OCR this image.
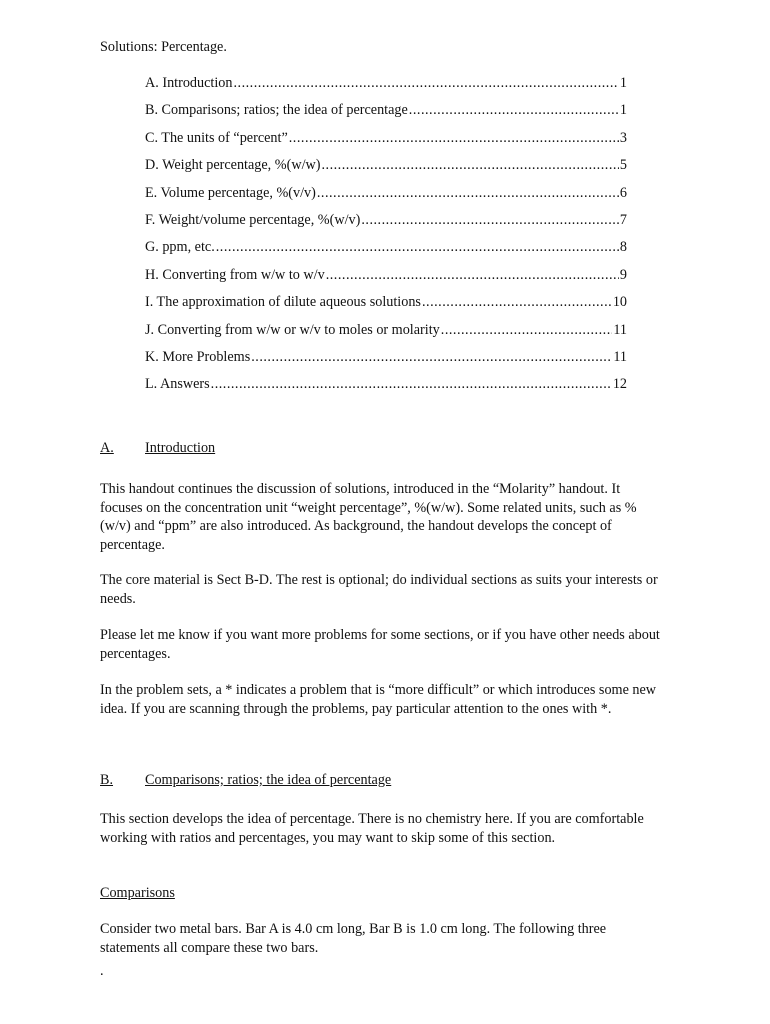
Solutions: Percentage.
A. Introduction .....	1
B. Comparisons; ratios; the idea of percentage .....	1
C. The units of “percent” .....	3
D. Weight percentage, %(w/w) .....	5
E. Volume percentage, %(v/v) .....	6
F. Weight/volume percentage, %(w/v) .....	7
G. ppm, etc. .....	8
H. Converting from w/w to w/v .....	9
I. The approximation of dilute aqueous solutions .....	10
J. Converting from w/w or w/v to moles or molarity .....	11
K. More Problems .....	11
L. Answers .....	12
A. Introduction

This handout continues the discussion of solutions, introduced in the “Molarity” handout. It focuses on the concentration unit “weight percentage”, %(w/w). Some related units, such as %(w/v) and “ppm” are also introduced. As background, the handout develops the concept of percentage.

The core material is Sect B-D. The rest is optional; do individual sections as suits your interests or needs.

Please let me know if you want more problems for some sections, or if you have other needs about percentages.

In the problem sets, a * indicates a problem that is “more difficult” or which introduces some new idea. If you are scanning through the problems, pay particular attention to the ones with *.

B. Comparisons; ratios; the idea of percentage

This section develops the idea of percentage. There is no chemistry here. If you are comfortable working with ratios and percentages, you may want to skip some of this section.

Comparisons

Consider two metal bars. Bar A is 4.0 cm long, Bar B is 1.0 cm long. The following three statements all compare these two bars.

.
